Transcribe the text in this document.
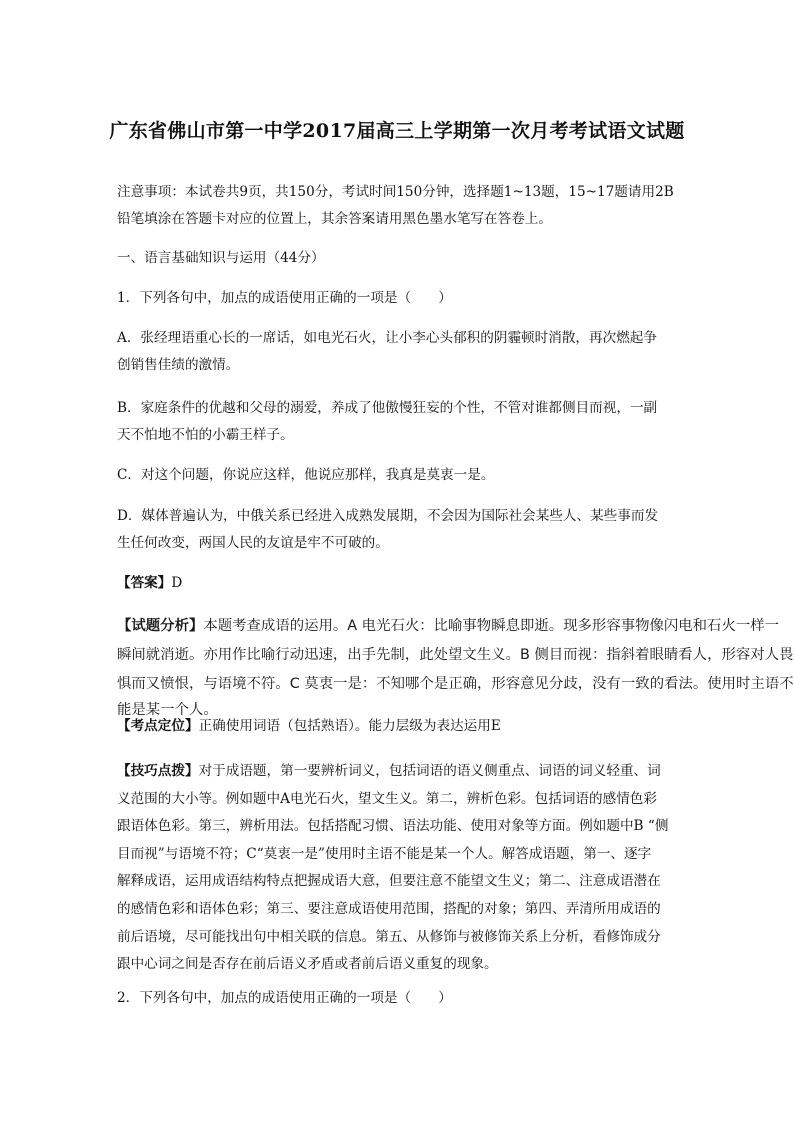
广东省佛山市第一中学2017届高三上学期第一次月考考试语文试题
注意事项：本试卷共9页，共150分，考试时间150分钟，选择题1~13题，15~17题请用2B
铅笔填涂在答题卡对应的位置上，其余答案请用黑色墨水笔写在答卷上。
一、语言基础知识与运用（44分）
1．下列各句中，加点的成语使用正确的一项是（　　）
A．张经理语重心长的一席话，如电光石火，让小李心头郁积的阴霾顿时消散，再次燃起争
创销售佳绩的激情。
B．家庭条件的优越和父母的溺爱，养成了他傲慢狂妄的个性，不管对谁都侧目而视，一副
天不怕地不怕的小霸王样子。
C．对这个问题，你说应这样，他说应那样，我真是莫衷一是。
D．媒体普遍认为，中俄关系已经进入成熟发展期，不会因为国际社会某些人、某些事而发
生任何改变，两国人民的友谊是牢不可破的。
【答案】D
【试题分析】本题考查成语的运用。A 电光石火：比喻事物瞬息即逝。现多形容事物像闪电和石火一样一
瞬间就消逝。亦用作比喻行动迅速，出手先制，此处望文生义。B 侧目而视：指斜着眼睛看人，形容对人畏
惧而又愤恨，与语境不符。C 莫衷一是：不知哪个是正确，形容意见分歧，没有一致的看法。使用时主语不
能是某一个人。
【考点定位】正确使用词语（包括熟语）。能力层级为表达运用E
【技巧点拨】对于成语题，第一要辨析词义，包括词语的语义侧重点、词语的词义轻重、词
义范围的大小等。例如题中A电光石火，望文生义。第二，辨析色彩。包括词语的感情色彩
跟语体色彩。第三，辨析用法。包括搭配习惯、语法功能、使用对象等方面。例如题中B “侧
目而视”与语境不符；C“莫衷一是”使用时主语不能是某一个人。解答成语题，第一、逐字
解释成语，运用成语结构特点把握成语大意，但要注意不能望文生义；第二、注意成语潜在
的感情色彩和语体色彩；第三、要注意成语使用范围，搭配的对象；第四、弄清所用成语的
前后语境，尽可能找出句中相关联的信息。第五、从修饰与被修饰关系上分析，看修饰成分
跟中心词之间是否存在前后语义矛盾或者前后语义重复的现象。
2．下列各句中，加点的成语使用正确的一项是（　　）
